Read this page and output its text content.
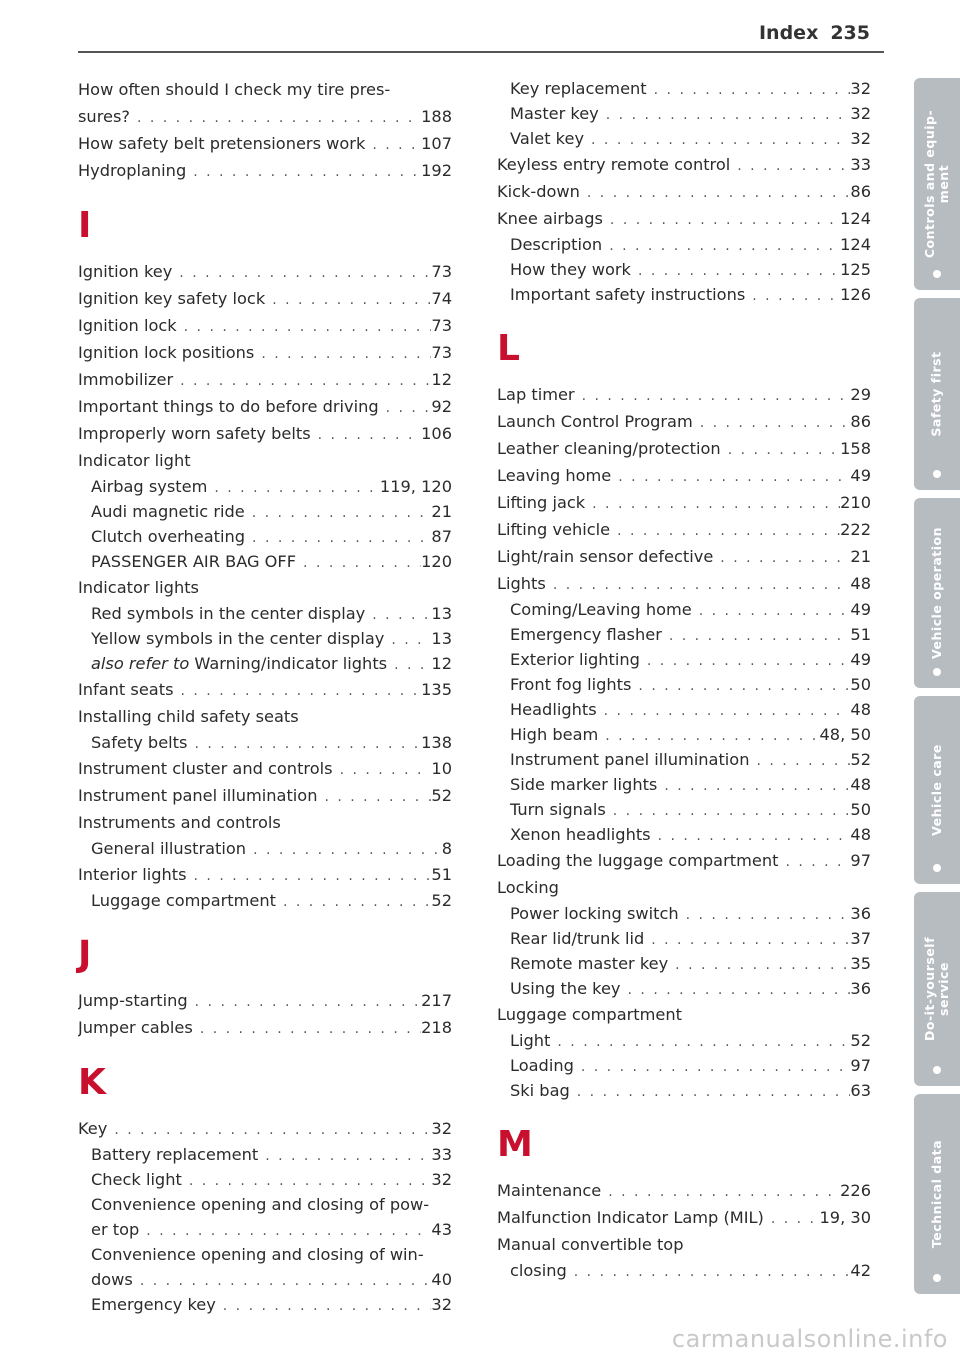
Index 235
How often should I check my tire pres-
sures? . . .	188
How safety belt pretensioners work . . .	107
Hydroplaning . . .	192
I
Ignition key . . .	73
Ignition key safety lock . . .	74
Ignition lock . . .	73
Ignition lock positions . . .	73
Immobilizer . . .	12
Important things to do before driving . . .	92
Improperly worn safety belts . . .	106
Indicator light
Airbag system . . .	119, 120
Audi magnetic ride . . .	21
Clutch overheating . . .	87
PASSENGER AIR BAG OFF . . .	120
Indicator lights
Red symbols in the center display . . .	13
Yellow symbols in the center display . . .	13
also refer to Warning/indicator lights . . .	12
Infant seats . . .	135
Installing child safety seats
Safety belts . . .	138
Instrument cluster and controls . . .	10
Instrument panel illumination . . .	52
Instruments and controls
General illustration . . .	8
Interior lights . . .	51
Luggage compartment . . .	52
J
Jump-starting . . .	217
Jumper cables . . .	218
K
Key . . .	32
Battery replacement . . .	33
Check light . . .	32
Convenience opening and closing of pow-
er top . . .	43
Convenience opening and closing of win-
dows . . .	40
Emergency key . . .	32
Key replacement . . .	32
Master key . . .	32
Valet key . . .	32
Keyless entry remote control . . .	33
Kick-down . . .	86
Knee airbags . . .	124
Description . . .	124
How they work . . .	125
Important safety instructions . . .	126
L
Lap timer . . .	29
Launch Control Program . . .	86
Leather cleaning/protection . . .	158
Leaving home . . .	49
Lifting jack . . .	210
Lifting vehicle . . .	222
Light/rain sensor defective . . .	21
Lights . . .	48
Coming/Leaving home . . .	49
Emergency flasher . . .	51
Exterior lighting . . .	49
Front fog lights . . .	50
Headlights . . .	48
High beam . . .	48, 50
Instrument panel illumination . . .	52
Side marker lights . . .	48
Turn signals . . .	50
Xenon headlights . . .	48
Loading the luggage compartment . . .	97
Locking
Power locking switch . . .	36
Rear lid/trunk lid . . .	37
Remote master key . . .	35
Using the key . . .	36
Luggage compartment
Light . . .	52
Loading . . .	97
Ski bag . . .	63
M
Maintenance . . .	226
Malfunction Indicator Lamp (MIL) . . .	19, 30
Manual convertible top
closing . . .	42
Controls and equip-
ment
Safety first
Vehicle operation
Vehicle care
Do-it-yourself
service
Technical data
carmanualsonline.info
